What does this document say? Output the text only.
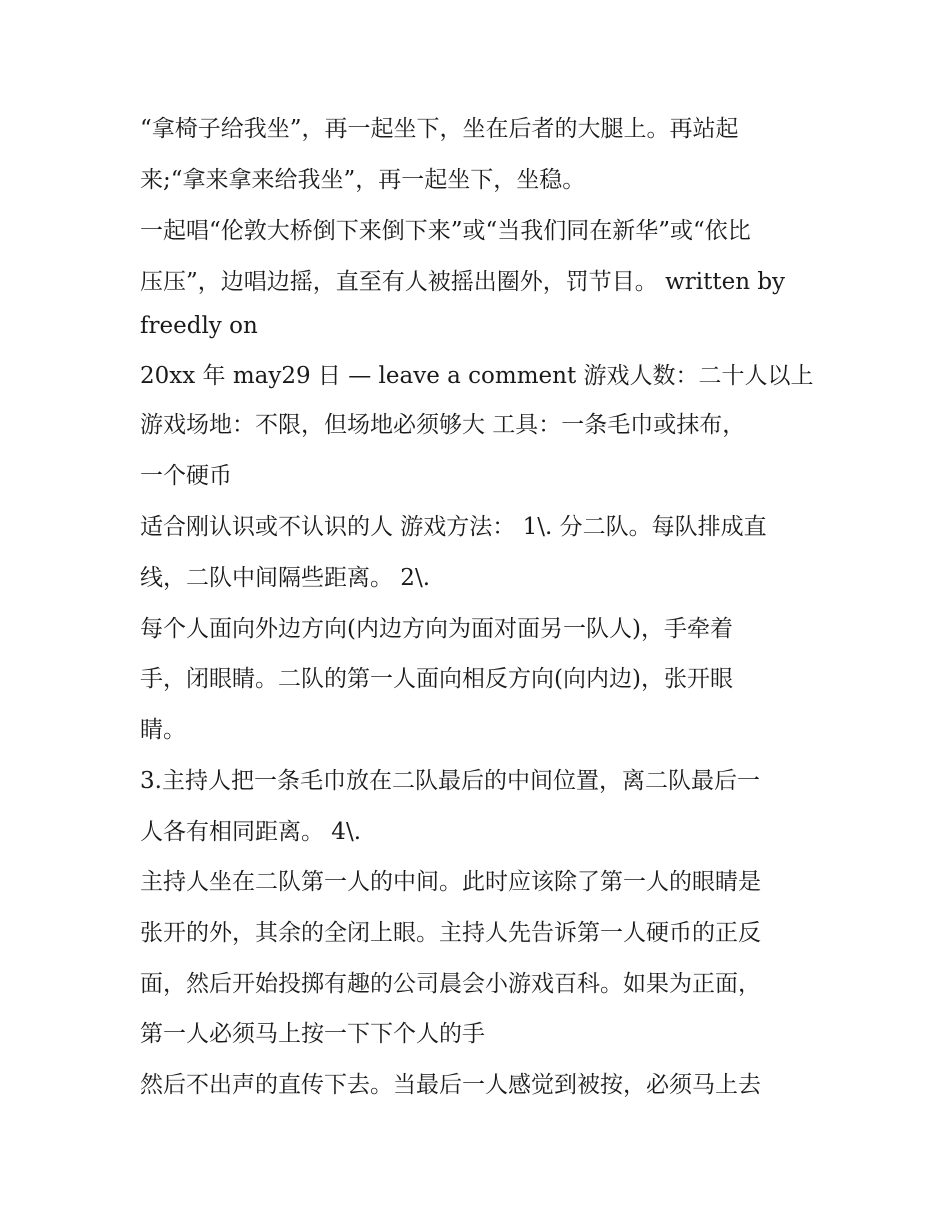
“拿椅子给我坐”，再一起坐下，坐在后者的大腿上。再站起
来;“拿来拿来给我坐”，再一起坐下，坐稳。
一起唱“伦敦大桥倒下来倒下来”或“当我们同在新华”或“依比
压压”，边唱边摇，直至有人被摇出圈外，罚节目。 written by
freedly on
20xx 年 may29 日 — leave a comment 游戏人数：二十人以上
游戏场地：不限，但场地必须够大 工具：一条毛巾或抹布，
一个硬币
适合刚认识或不认识的人 游戏方法： 1\. 分二队。每队排成直
线，二队中间隔些距离。 2\.
每个人面向外边方向(内边方向为面对面另一队人)，手牵着
手，闭眼睛。二队的第一人面向相反方向(向内边)，张开眼
睛。
3.主持人把一条毛巾放在二队最后的中间位置，离二队最后一
人各有相同距离。 4\.
主持人坐在二队第一人的中间。此时应该除了第一人的眼睛是
张开的外，其余的全闭上眼。主持人先告诉第一人硬币的正反
面，然后开始投掷有趣的公司晨会小游戏百科。如果为正面，
第一人必须马上按一下下个人的手
然后不出声的直传下去。当最后一人感觉到被按，必须马上去
